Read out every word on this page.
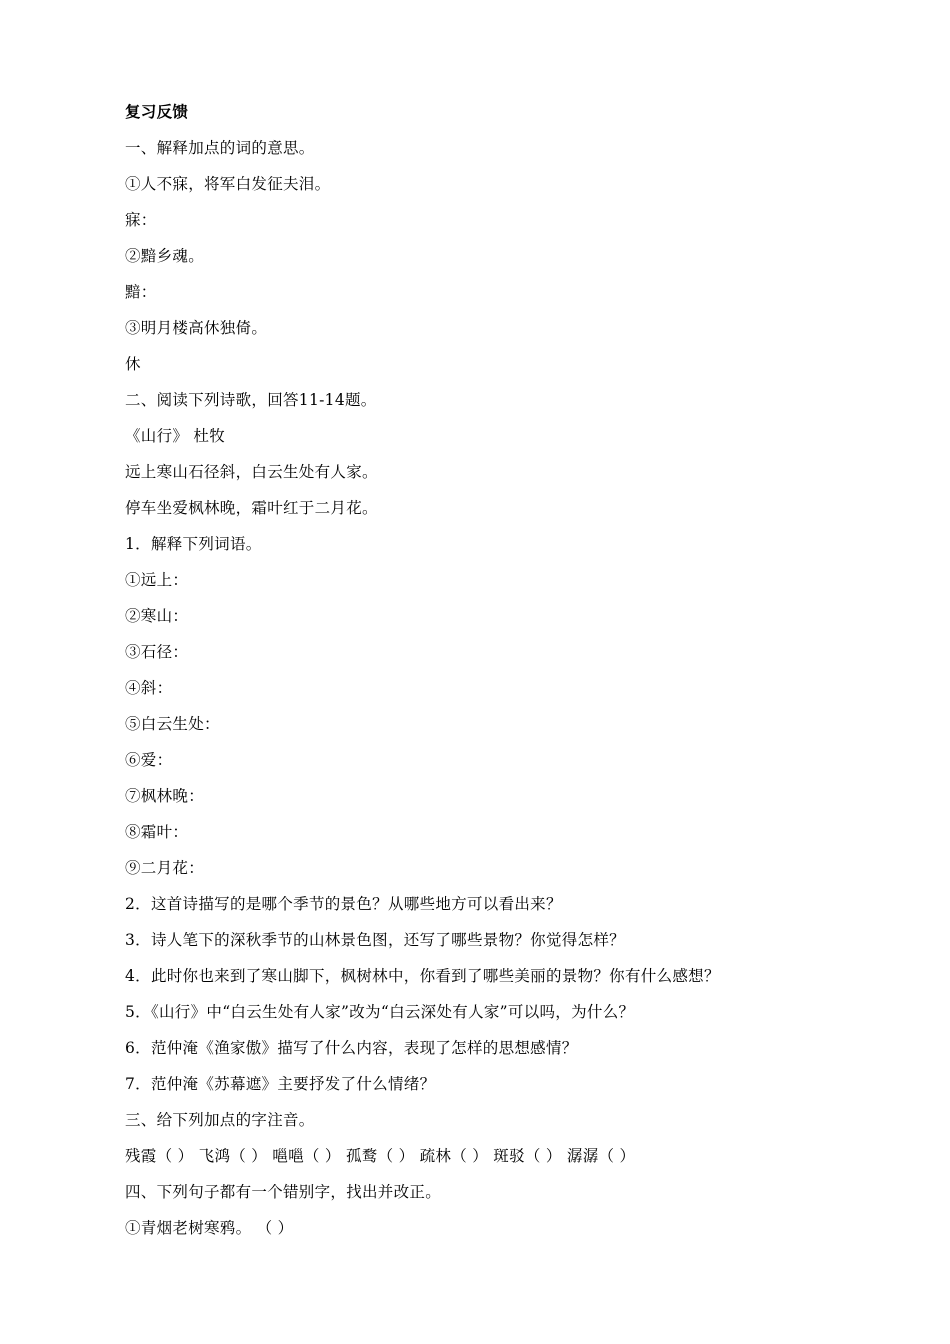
复习反馈
一、解释加点的词的意思。
①人不寐，将军白发征夫泪。
寐：
②黯乡魂。
黯：
③明月楼高休独倚。
休
二、阅读下列诗歌，回答11-14题。
《山行》 杜牧
远上寒山石径斜，白云生处有人家。
停车坐爱枫林晚，霜叶红于二月花。
1．解释下列词语。
①远上：
②寒山：
③石径：
④斜：
⑤白云生处：
⑥爱：
⑦枫林晚：
⑧霜叶：
⑨二月花：
2．这首诗描写的是哪个季节的景色？从哪些地方可以看出来？
3．诗人笔下的深秋季节的山林景色图，还写了哪些景物？你觉得怎样？
4．此时你也来到了寒山脚下，枫树林中，你看到了哪些美丽的景物？你有什么感想？
5．《山行》中“白云生处有人家”改为“白云深处有人家”可以吗，为什么？
6．范仲淹《渔家傲》描写了什么内容，表现了怎样的思想感情？
7．范仲淹《苏幕遮》主要抒发了什么情绪？
三、给下列加点的字注音。
残霞（ ） 飞鸿（ ） 嗈嗈（ ） 孤鹜（ ） 疏林（ ） 斑驳（ ） 潺潺（ ）
四、下列句子都有一个错别字，找出并改正。
①青烟老树寒鸦。 （ ）
